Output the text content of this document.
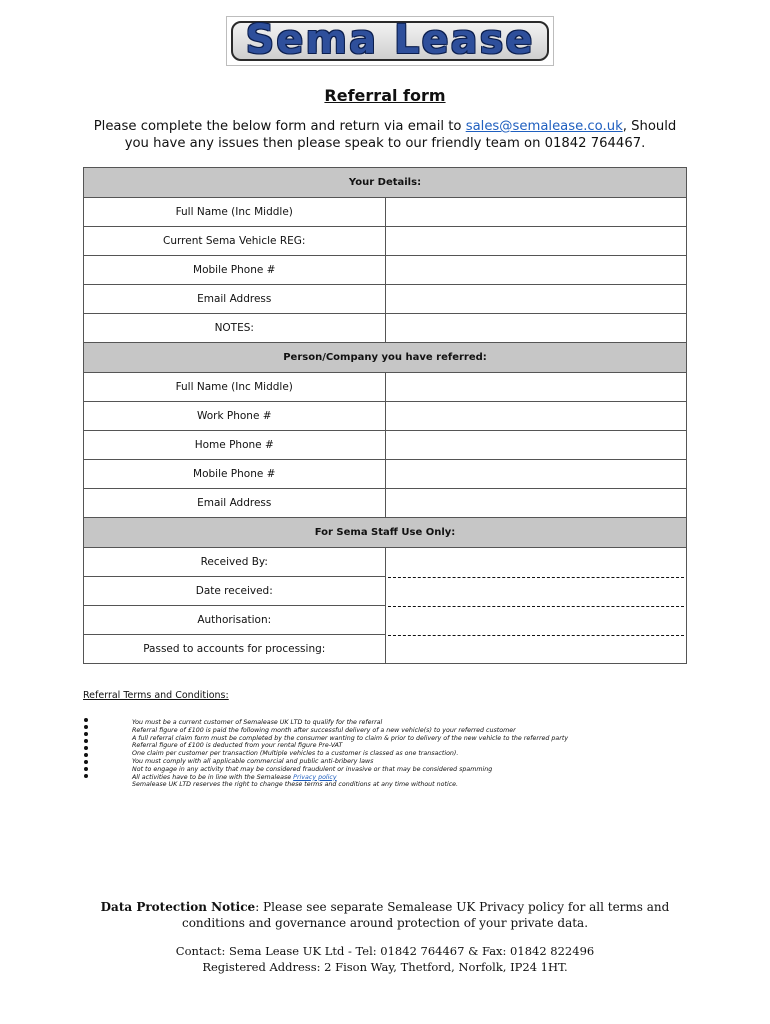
Sema Lease
Referral form
Please complete the below form and return via email to sales@semalease.co.uk, Should you have any issues then please speak to our friendly team on 01842 764467.
Your Details:	
Full Name (Inc Middle)	
Current Sema Vehicle REG:	
Mobile Phone #	
Email Address	
NOTES:	
Person/Company you have referred:	
Full Name (Inc Middle)	
Work Phone #	
Home Phone #	
Mobile Phone #	
Email Address	
For Sema Staff Use Only:	
Received By:	

Date received:	

Authorisation:	

Passed to accounts for processing:	
Referral Terms and Conditions:
You must be a current customer of Semalease UK LTD to qualify for the referral
Referral figure of £100 is paid the following month after successful delivery of a new vehicle(s) to your referred customer
A full referral claim form must be completed by the consumer wanting to claim & prior to delivery of the new vehicle to the referred party
Referral figure of £100 is deducted from your rental figure Pre-VAT
One claim per customer per transaction (Multiple vehicles to a customer is classed as one transaction).
You must comply with all applicable commercial and public anti-bribery laws
Not to engage in any activity that may be considered fraudulent or invasive or that may be considered spamming
All activities have to be in line with the Semalease Privacy policy
Semalease UK LTD reserves the right to change these terms and conditions at any time without notice.
Data Protection Notice: Please see separate Semalease UK Privacy policy for all terms and conditions and governance around protection of your private data.
Contact: Sema Lease UK Ltd - Tel: 01842 764467 & Fax: 01842 822496
Registered Address: 2 Fison Way, Thetford, Norfolk, IP24 1HT.
